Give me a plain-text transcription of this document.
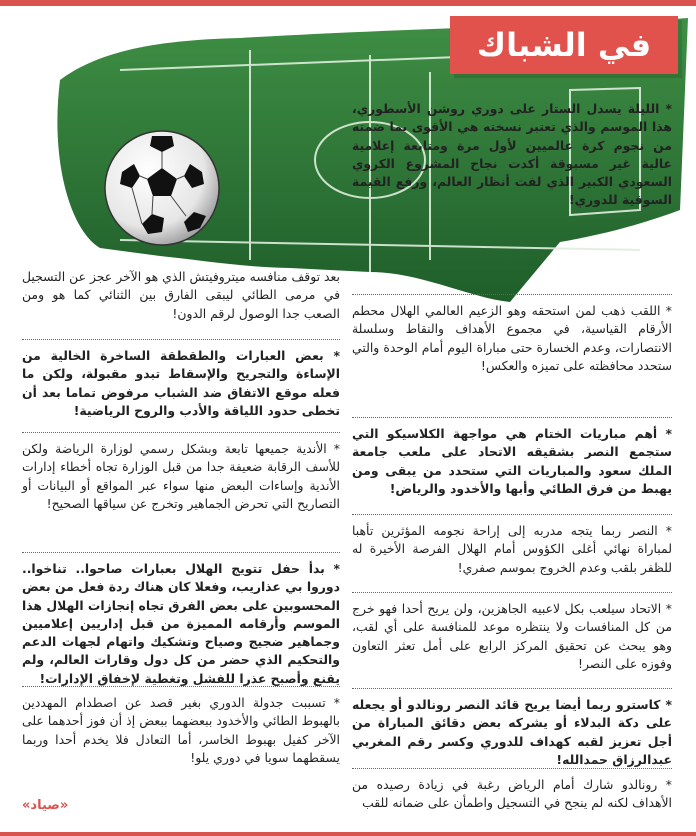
في الشباك

* الليلة يسدل الستار على دوري روشن الأسطوري، هذا الموسم والذي تعتبر نسخته هي الأقوى بما ضمته من نجوم كرة عالميين لأول مرة ومتابعة إعلامية عالية غير مسبوقة أكدت نجاح المشروع الكروي السعودي الكبير الذي لفت أنظار العالم، ورفع القيمة السوقية للدوري!

* اللقب ذهب لمن استحقه وهو الزعيم العالمي الهلال محطم الأرقام القياسية، في مجموع الأهداف والنقاط وسلسلة الانتصارات، وعدم الخسارة حتى مباراة اليوم أمام الوحدة والتي ستحدد محافظته على تميزه والعكس!

* أهم مباريات الختام هي مواجهة الكلاسيكو التي ستجمع النصر بشقيقه الاتحاد على ملعب جامعة الملك سعود والمباريات التي ستحدد من يبقى ومن يهبط من فرق الطائي وأبها والأخدود والرياض!

* النصر ربما يتجه مدربه إلى إراحة نجومه المؤثرين تأهبا لمباراة نهائي أغلى الكؤوس أمام الهلال الفرصة الأخيرة له للظفر بلقب وعدم الخروج بموسم صفري!

* الاتحاد سيلعب بكل لاعبيه الجاهزين، ولن يريح أحدا فهو خرج من كل المنافسات ولا ينتظره موعد للمنافسة على أي لقب، وهو يبحث عن تحقيق المركز الرابع على أمل تعثر التعاون وفوزه على النصر!

* كاسترو ربما أيضا يريح قائد النصر رونالدو أو يجعله على دكة البدلاء أو يشركه بعض دقائق المباراة من أجل تعزيز لقبه كهداف للدوري وكسر رقم المغربي عبدالرزاق حمدالله!

* رونالدو شارك أمام الرياض رغبة في زيادة رصيده من الأهداف لكنه لم ينجح في التسجيل واطمأن على ضمانه للقب

بعد توقف منافسه ميتروفيتش الذي هو الآخر عجز عن التسجيل في مرمى الطائي ليبقى الفارق بين الثنائي كما هو ومن الصعب جدا الوصول لرقم الدون!

* بعض العبارات والطقطقة الساخرة الخالية من الإساءة والتجريح والإسقاط تبدو مقبولة، ولكن ما فعله موقع الاتفاق ضد الشباب مرفوض تماما بعد أن تخطى حدود اللياقة والأدب والروح الرياضية!

* الأندية جميعها تابعة وبشكل رسمي لوزارة الرياضة ولكن للأسف الرقابة ضعيفة جدا من قبل الوزارة تجاه أخطاء إدارات الأندية وإساءات البعض منها سواء عبر المواقع أو البيانات أو التصاريح التي تحرض الجماهير وتخرج عن سياقها الصحيح!

* بدأ حفل تتويج الهلال بعبارات صاحوا.. تناخوا.. دوروا بي عذاريب، وفعلا كان هناك ردة فعل من بعض المحسوبين على بعض الفرق تجاه إنجازات الهلال هذا الموسم وأرقامه المميزة من قبل إداريين إعلاميين وجماهير ضجيج وصياح وتشكيك واتهام لجهات الدعم والتحكيم الذي حضر من كل دول وقارات العالم، ولم يقنع وأصبح عذرا للفشل وتغطية لإخفاق الإدارات!

* تسببت جدولة الدوري بغير قصد عن اصطدام المهددين بالهبوط الطائي والأخدود ببعضهما ببعض إذ أن فوز أحدهما على الآخر كفيل بهبوط الخاسر، أما التعادل فلا يخدم أحدا وربما يسقطهما سويا في دوري يلو!

«صياد»
